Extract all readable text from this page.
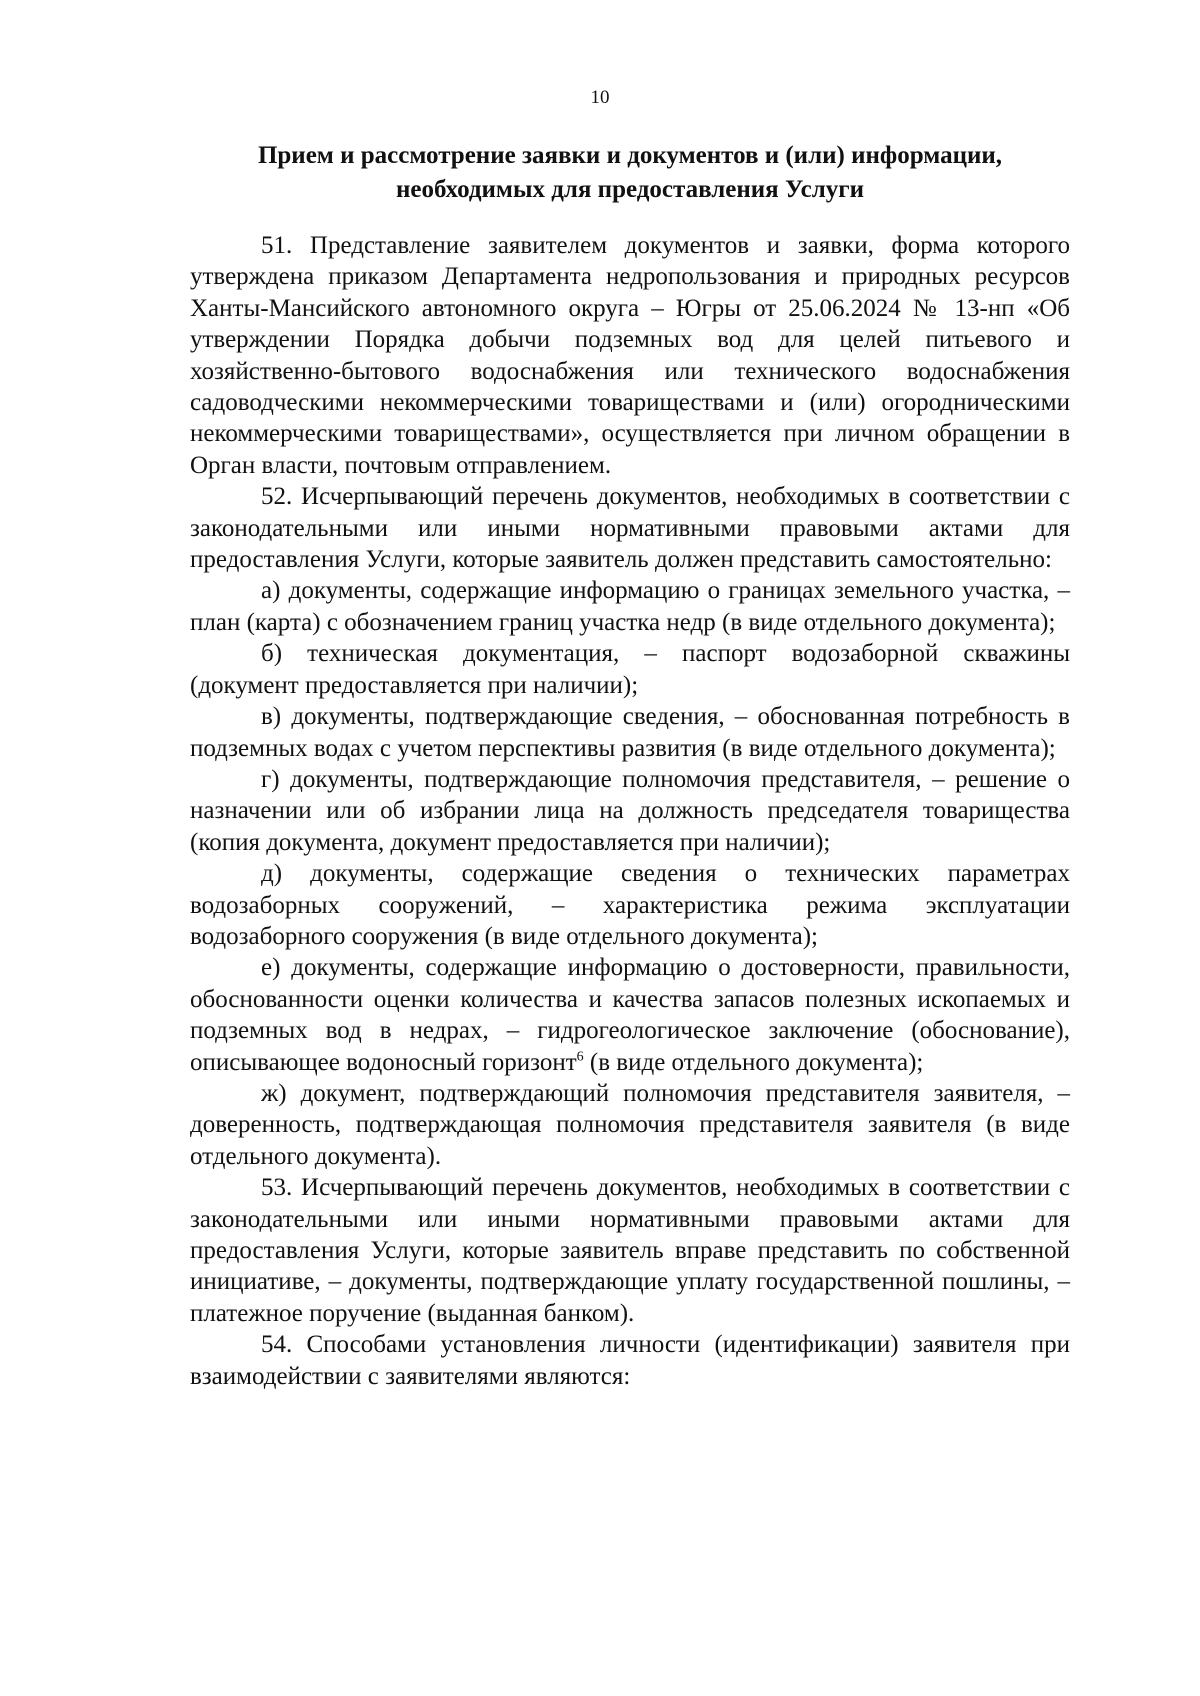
10
Прием и рассмотрение заявки и документов и (или) информации,
необходимых для предоставления Услуги

51. Представление заявителем документов и заявки, форма которого утверждена приказом Департамента недропользования и природных ресурсов Ханты-Мансийского автономного округа – Югры от 25.06.2024 № 13-нп «Об утверждении Порядка добычи подземных вод для целей питьевого и хозяйственно-бытового водоснабжения или технического водоснабжения садоводческими некоммерческими товариществами и (или) огородническими некоммерческими товариществами», осуществляется при личном обращении в Орган власти, почтовым отправлением.

52. Исчерпывающий перечень документов, необходимых в соответствии с законодательными или иными нормативными правовыми актами для предоставления Услуги, которые заявитель должен представить самостоятельно:

а) документы, содержащие информацию о границах земельного участка, – план (карта) с обозначением границ участка недр (в виде отдельного документа);

б) техническая документация, – паспорт водозаборной скважины (документ предоставляется при наличии);

в) документы, подтверждающие сведения, – обоснованная потребность в подземных водах с учетом перспективы развития (в виде отдельного документа);

г) документы, подтверждающие полномочия представителя, – решение о назначении или об избрании лица на должность председателя товарищества (копия документа, документ предоставляется при наличии);

д) документы, содержащие сведения о технических параметрах водозаборных сооружений, – характеристика режима эксплуатации водозаборного сооружения (в виде отдельного документа);

е) документы, содержащие информацию о достоверности, правильности, обоснованности оценки количества и качества запасов полезных ископаемых и подземных вод в недрах, – гидрогеологическое заключение (обоснование), описывающее водоносный горизонт$^6$ (в виде отдельного документа);

ж) документ, подтверждающий полномочия представителя заявителя, – доверенность, подтверждающая полномочия представителя заявителя (в виде отдельного документа).

53. Исчерпывающий перечень документов, необходимых в соответствии с законодательными или иными нормативными правовыми актами для предоставления Услуги, которые заявитель вправе представить по собственной инициативе, – документы, подтверждающие уплату государственной пошлины, – платежное поручение (выданная банком).

54. Способами установления личности (идентификации) заявителя при взаимодействии с заявителями являются:
